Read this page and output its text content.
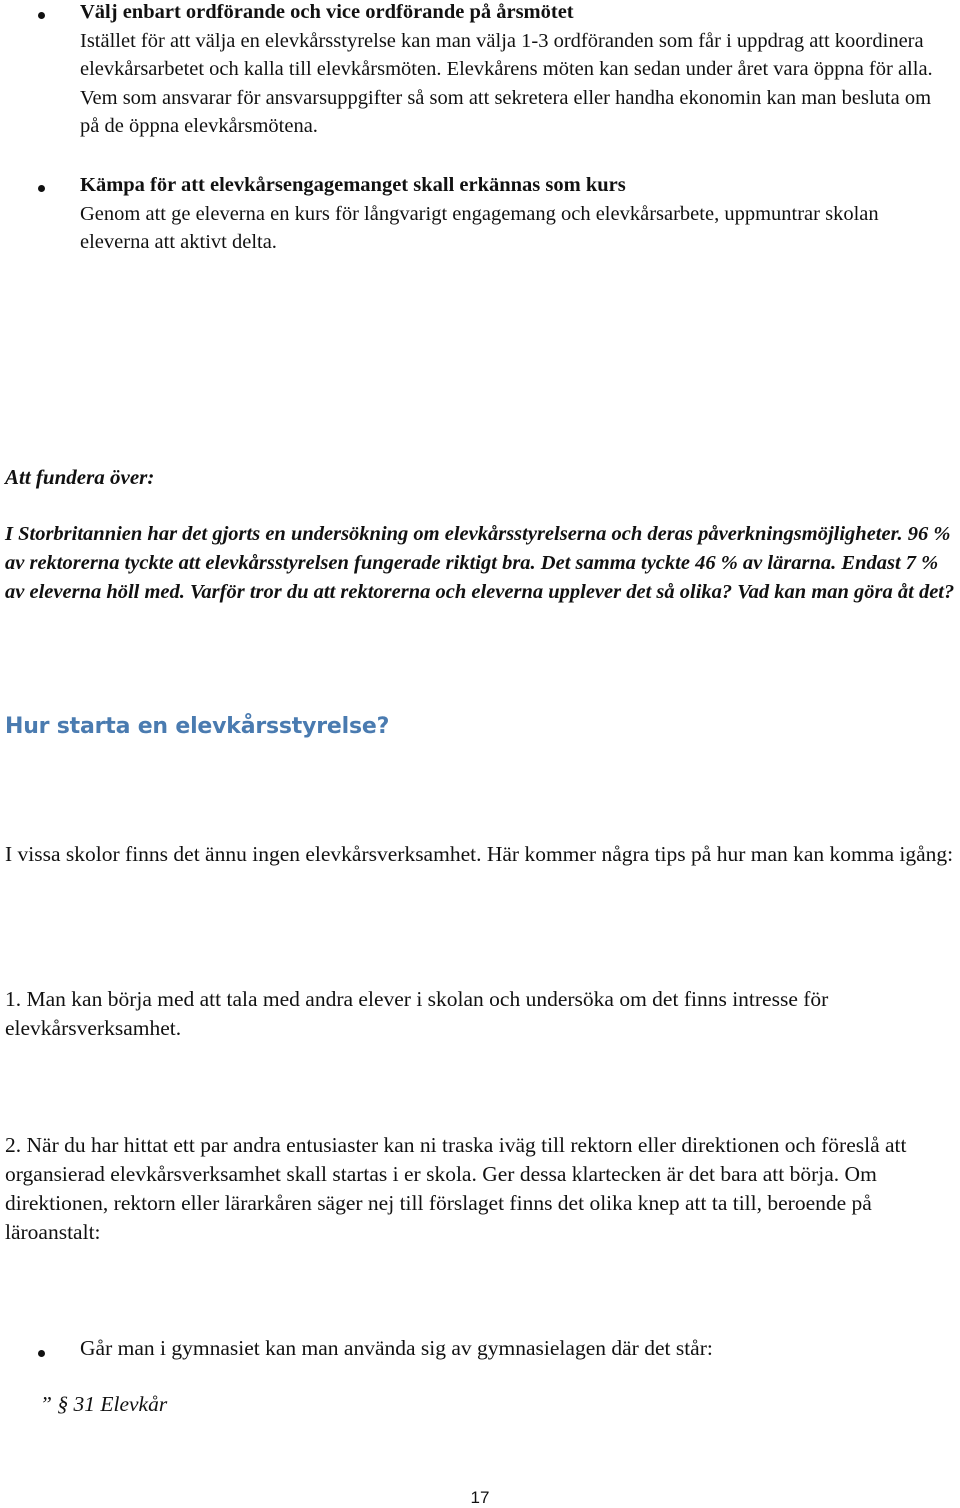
Välj enbart ordförande och vice ordförande på årsmötet
Istället för att välja en elevkårsstyrelse kan man välja 1-3 ordföranden som får i uppdrag att koordinera elevkårsarbetet och kalla till elevkårsmöten. Elevkårens möten kan sedan under året vara öppna för alla. Vem som ansvarar för ansvarsuppgifter så som att sekretera eller handha ekonomin kan man besluta om på de öppna elevkårsmötena.
Kämpa för att elevkårsengagemanget skall erkännas som kurs
Genom att ge eleverna en kurs för långvarigt engagemang och elevkårsarbete, uppmuntrar skolan eleverna att aktivt delta.
Att fundera över:
I Storbritannien har det gjorts en undersökning om elevkårsstyrelserna och deras påverkningsmöjligheter. 96 % av rektorerna tyckte att elevkårsstyrelsen fungerade riktigt bra. Det samma tyckte 46 % av lärarna. Endast 7 % av eleverna höll med. Varför tror du att rektorerna och eleverna upplever det så olika? Vad kan man göra åt det?
Hur starta en elevkårsstyrelse?
I vissa skolor finns det ännu ingen elevkårsverksamhet. Här kommer några tips på hur man kan komma igång:
1. Man kan börja med att tala med andra elever i skolan och undersöka om det finns intresse för elevkårsverksamhet.
2. När du har hittat ett par andra entusiaster kan ni traska iväg till rektorn eller direktionen och föreslå att organsierad elevkårsverksamhet skall startas i er skola. Ger dessa klartecken är det bara att börja. Om direktionen, rektorn eller lärarkåren säger nej till förslaget finns det olika knep att ta till, beroende på läroanstalt:
Går man i gymnasiet kan man använda sig av gymnasielagen där det står:
” § 31 Elevkår
17
